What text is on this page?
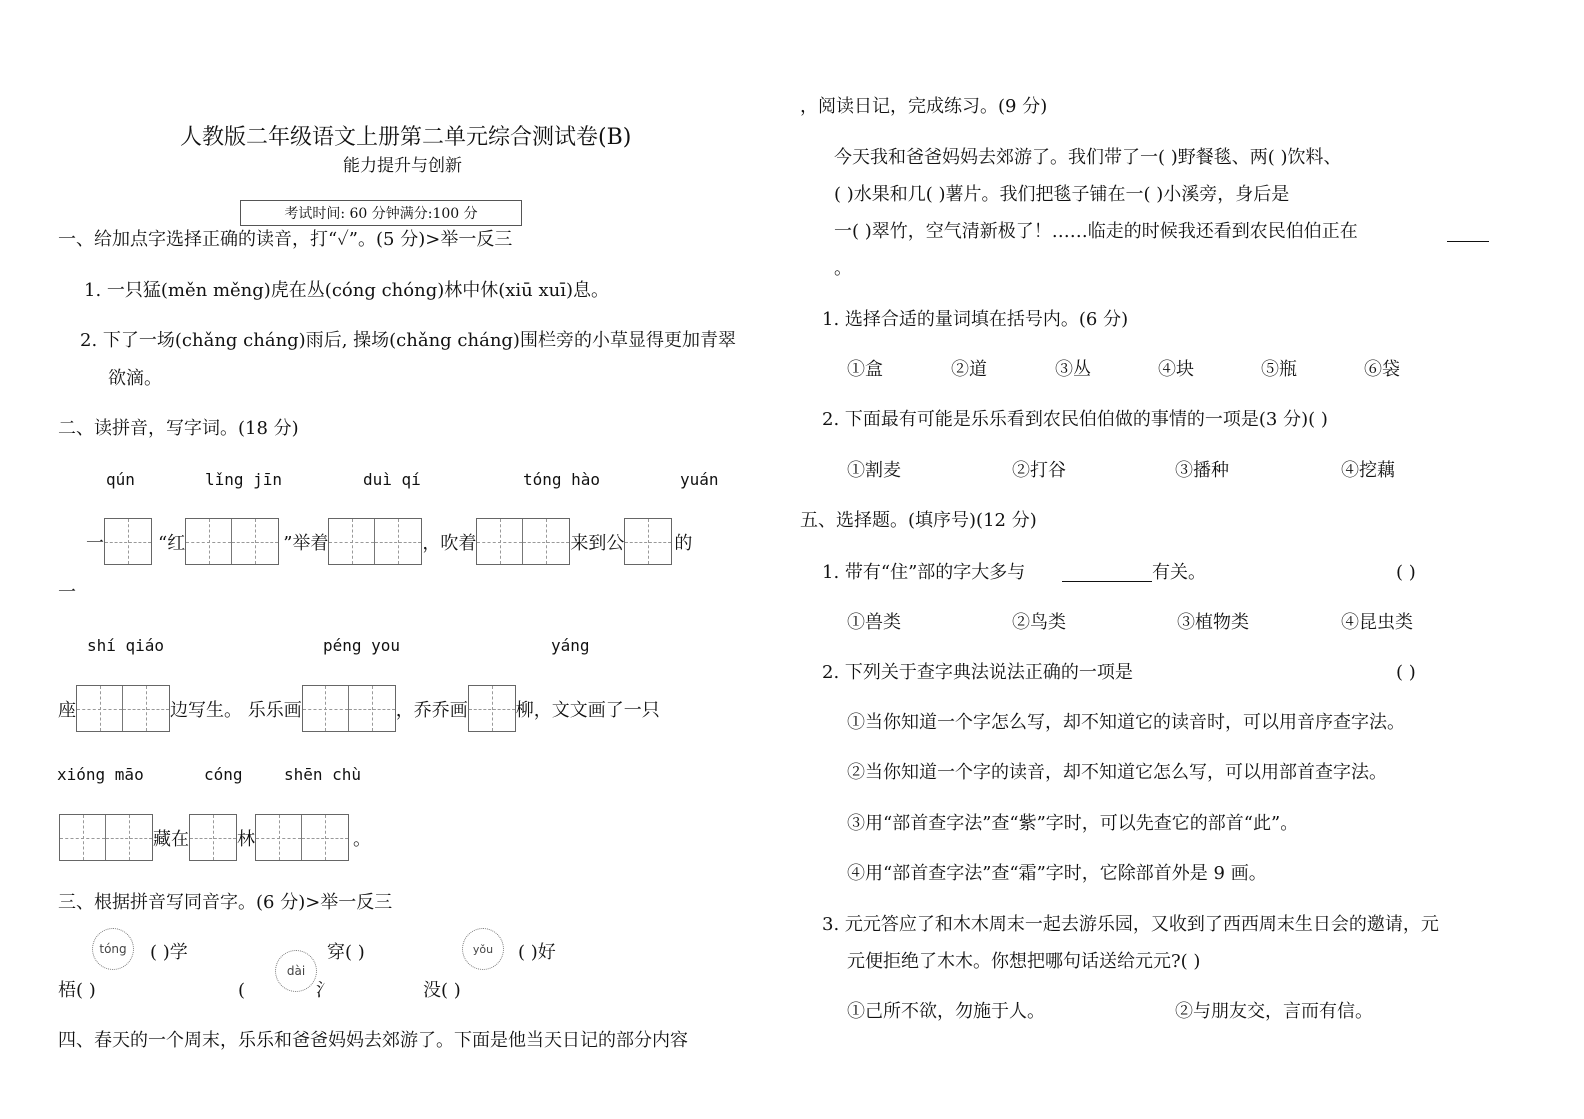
人教版二年级语文上册第二单元综合测试卷(B)
能力提升与创新
考试时间: 60 分钟满分:100 分
一、给加点字选择正确的读音，打“✓”。(5 分)>举一反三
1. 一只猛(měn měng)虎在丛(cóng chóng)林中休(xiū xuī)息。
2. 下了一场(chǎng cháng)雨后, 操场(chǎng cháng)围栏旁的小草显得更加青翠
欲滴。
二、读拼音，写字词。(18 分)
qún	lǐng jīn	duì qí	tóng hào	yuán
一	“红	”举着	，吹着	来到公	的
一
shí qiáo	péng you	yáng
座	边写生。 乐乐画	，乔乔画	柳，文文画了一只
xióng māo	cóng	shēn chù
藏在	林	。
三、根据拼音写同音字。(6 分)>举一反三
tóng	( )学
梧( )
dài
穿( )
(	氵
yǒu	( )好
没( )
四、春天的一个周末，乐乐和爸爸妈妈去郊游了。下面是他当天日记的部分内容
，阅读日记，完成练习。(9 分)
今天我和爸爸妈妈去郊游了。我们带了一( )野餐毯、两( )饮料、
( )水果和几( )薯片。我们把毯子铺在一( )小溪旁，身后是
一( )翠竹，空气清新极了！……临走的时候我还看到农民伯伯正在
。
1. 选择合适的量词填在括号内。(6 分)
①盒	②道	③丛	④块	⑤瓶	⑥袋
2. 下面最有可能是乐乐看到农民伯伯做的事情的一项是(3 分)( )
①割麦	②打谷	③播种	④挖藕
五、选择题。(填序号)(12 分)
1. 带有“住”部的字大多与	有关。	( )
①兽类	②鸟类	③植物类	④昆虫类
2. 下列关于查字典法说法正确的一项是	( )
①当你知道一个字怎么写，却不知道它的读音时，可以用音序查字法。
②当你知道一个字的读音，却不知道它怎么写，可以用部首查字法。
③用“部首查字法”查“紫”字时，可以先查它的部首“此”。
④用“部首查字法”查“霜”字时，它除部首外是 9 画。
3. 元元答应了和木木周末一起去游乐园，又收到了西西周末生日会的邀请，元
元便拒绝了木木。你想把哪句话送给元元?( )
①己所不欲，勿施于人。	②与朋友交，言而有信。
